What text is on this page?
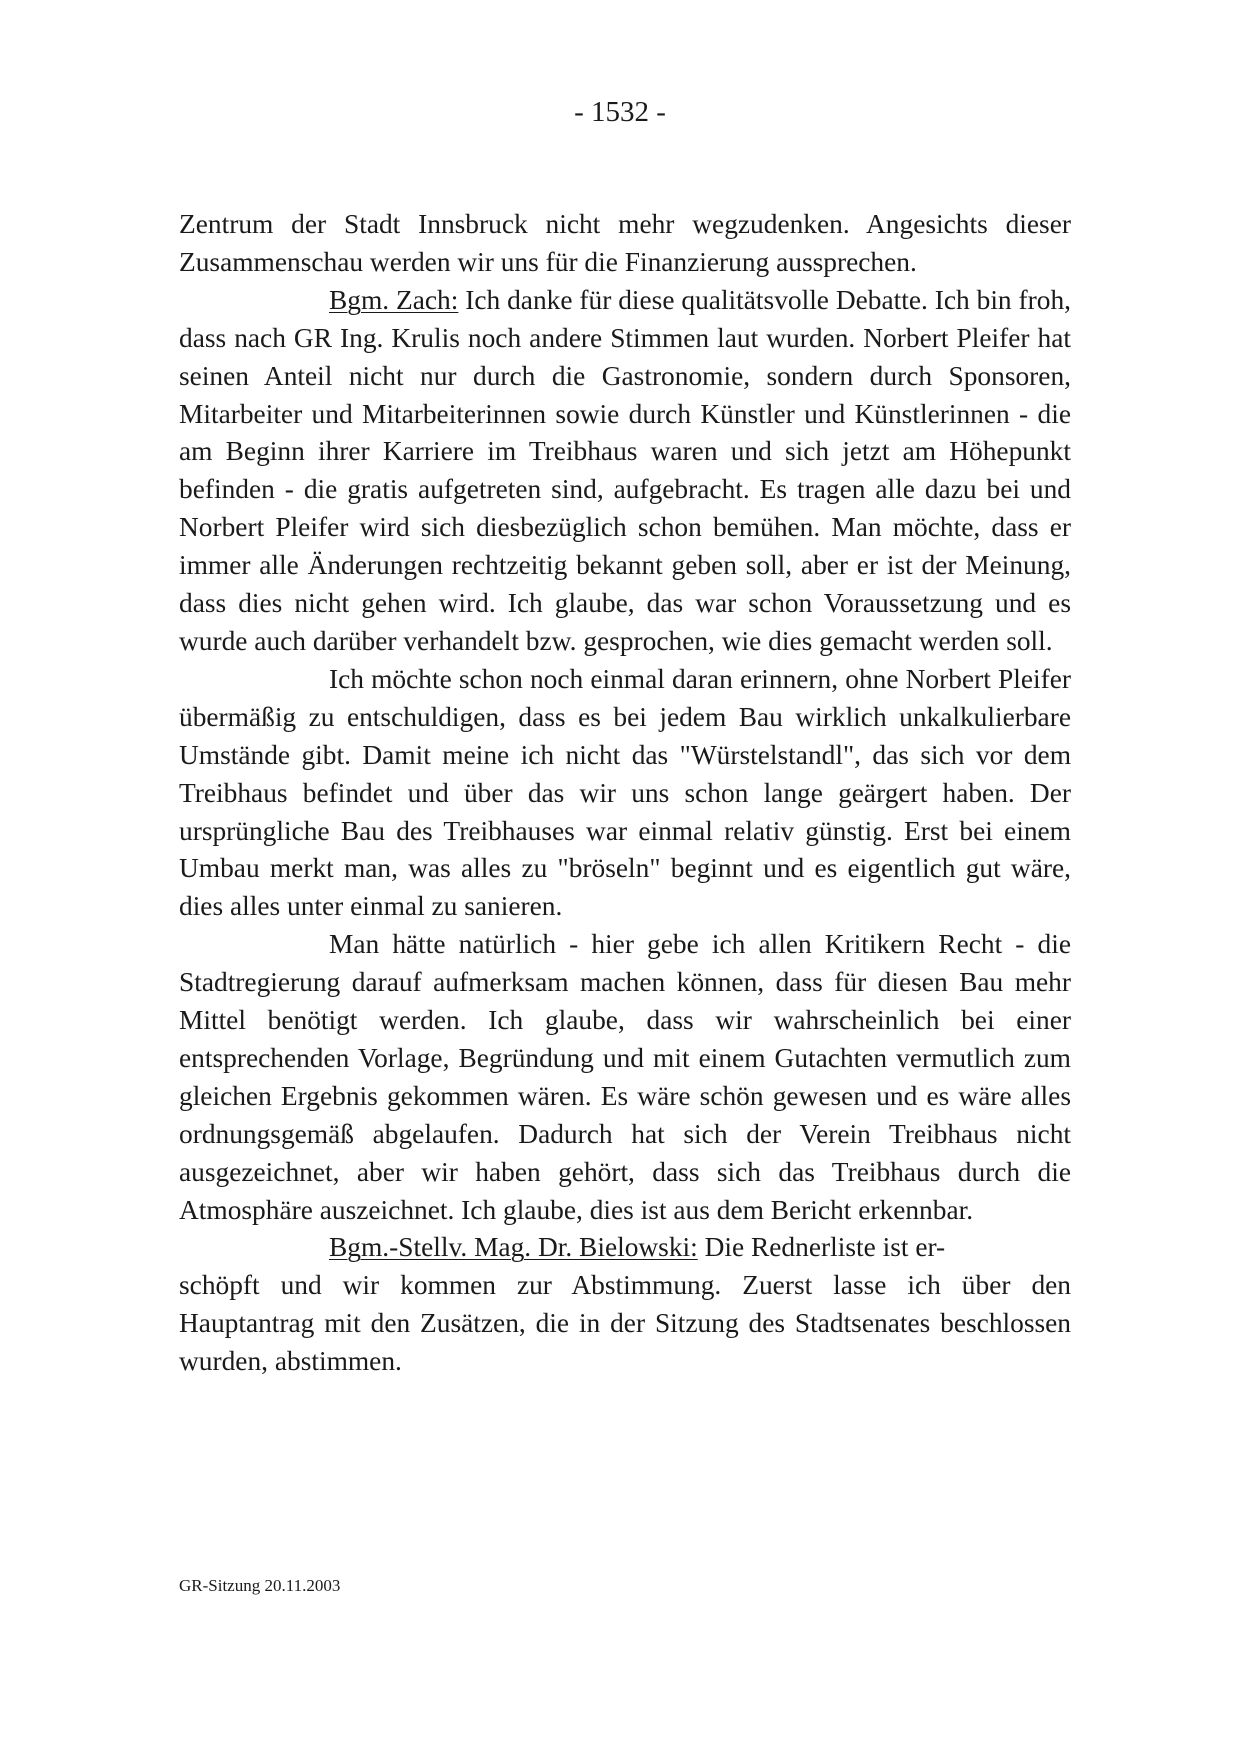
- 1532 -

Zentrum der Stadt Innsbruck nicht mehr wegzudenken. Angesichts dieser Zusammenschau werden wir uns für die Finanzierung aussprechen.

Bgm. Zach: Ich danke für diese qualitätsvolle Debatte. Ich bin froh, dass nach GR Ing. Krulis noch andere Stimmen laut wurden. Norbert Pleifer hat seinen Anteil nicht nur durch die Gastronomie, sondern durch Sponsoren, Mitarbeiter und Mitarbeiterinnen sowie durch Künstler und Künstlerinnen - die am Beginn ihrer Karriere im Treibhaus waren und sich jetzt am Höhepunkt befinden - die gratis aufgetreten sind, aufgebracht. Es tragen alle dazu bei und Norbert Pleifer wird sich diesbezüglich schon bemühen. Man möchte, dass er immer alle Änderungen rechtzeitig bekannt geben soll, aber er ist der Meinung, dass dies nicht gehen wird. Ich glaube, das war schon Voraussetzung und es wurde auch darüber verhandelt bzw. gesprochen, wie dies gemacht werden soll.

Ich möchte schon noch einmal daran erinnern, ohne Norbert Pleifer übermäßig zu entschuldigen, dass es bei jedem Bau wirklich unkalkulierbare Umstände gibt. Damit meine ich nicht das "Würstelstandl", das sich vor dem Treibhaus befindet und über das wir uns schon lange geärgert haben. Der ursprüngliche Bau des Treibhauses war einmal relativ günstig. Erst bei einem Umbau merkt man, was alles zu "bröseln" beginnt und es eigentlich gut wäre, dies alles unter einmal zu sanieren.

Man hätte natürlich - hier gebe ich allen Kritikern Recht - die Stadtregierung darauf aufmerksam machen können, dass für diesen Bau mehr Mittel benötigt werden. Ich glaube, dass wir wahrscheinlich bei einer entsprechenden Vorlage, Begründung und mit einem Gutachten vermutlich zum gleichen Ergebnis gekommen wären. Es wäre schön gewesen und es wäre alles ordnungsgemäß abgelaufen. Dadurch hat sich der Verein Treibhaus nicht ausgezeichnet, aber wir haben gehört, dass sich das Treibhaus durch die Atmosphäre auszeichnet. Ich glaube, dies ist aus dem Bericht erkennbar.

Bgm.-Stellv. Mag. Dr. Bielowski: Die Rednerliste ist er-

schöpft und wir kommen zur Abstimmung. Zuerst lasse ich über den Hauptantrag mit den Zusätzen, die in der Sitzung des Stadtsenates beschlossen wurden, abstimmen.

GR-Sitzung 20.11.2003
